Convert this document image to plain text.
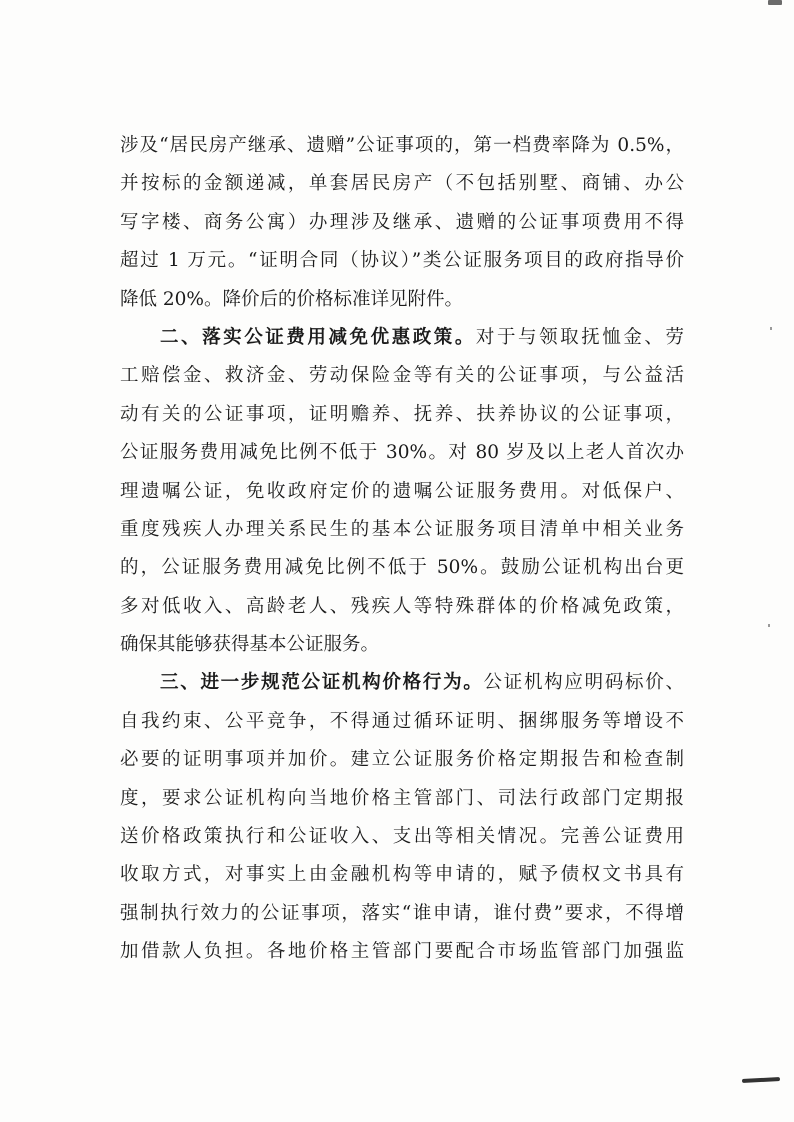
涉及“居民房产继承、遗赠”公证事项的，第一档费率降为 0.5%，
并按标的金额递减，单套居民房产（不包括别墅、商铺、办公
写字楼、商务公寓）办理涉及继承、遗赠的公证事项费用不得
超过 1 万元。“证明合同（协议）”类公证服务项目的政府指导价
降低 20%。降价后的价格标准详见附件。
二、落实公证费用减免优惠政策。对于与领取抚恤金、劳
工赔偿金、救济金、劳动保险金等有关的公证事项，与公益活
动有关的公证事项，证明赡养、抚养、扶养协议的公证事项，
公证服务费用减免比例不低于 30%。对 80 岁及以上老人首次办
理遗嘱公证，免收政府定价的遗嘱公证服务费用。对低保户、
重度残疾人办理关系民生的基本公证服务项目清单中相关业务
的，公证服务费用减免比例不低于 50%。鼓励公证机构出台更
多对低收入、高龄老人、残疾人等特殊群体的价格减免政策，
确保其能够获得基本公证服务。
三、进一步规范公证机构价格行为。公证机构应明码标价、
自我约束、公平竞争，不得通过循环证明、捆绑服务等增设不
必要的证明事项并加价。建立公证服务价格定期报告和检查制
度，要求公证机构向当地价格主管部门、司法行政部门定期报
送价格政策执行和公证收入、支出等相关情况。完善公证费用
收取方式，对事实上由金融机构等申请的，赋予债权文书具有
强制执行效力的公证事项，落实“谁申请，谁付费”要求，不得增
加借款人负担。各地价格主管部门要配合市场监管部门加强监
